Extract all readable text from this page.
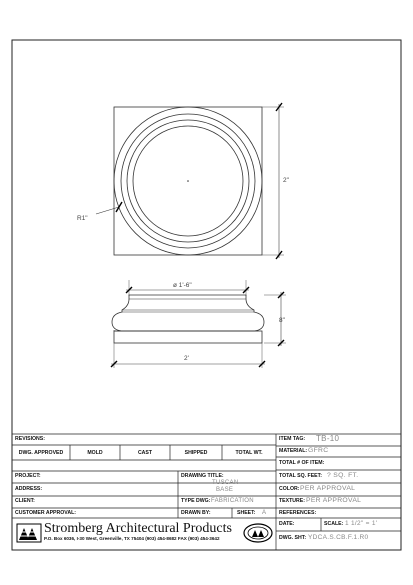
2"
R1"
ø 1'-6"
8"
2'
REVISIONS:
DWG. APPROVED	MOLD	CAST	SHIPPED	TOTAL WT.
PROJECT:
ADDRESS:
CLIENT:
CUSTOMER APPROVAL:
DRAWING TITLE:
TUSCAN
BASE
TYPE DWG: FABRICATION
DRAWN BY:	SHEET: A
ITEM TAG: TB-10
MATERIAL: GFRC
TOTAL # OF ITEM:
TOTAL SQ. FEET: ? SQ. FT.
COLOR: PER APPROVAL
TEXTURE: PER APPROVAL
REFERENCES:
DATE:	SCALE: 1 1/2" = 1'
DWG. SHT: YDCA.S.CB.F.1.R0
Stromberg Architectural Products
P.O. Box 6036, I-30 West, Greenville, TX 75404 (903) 454-8682 FAX (903) 454-3642
